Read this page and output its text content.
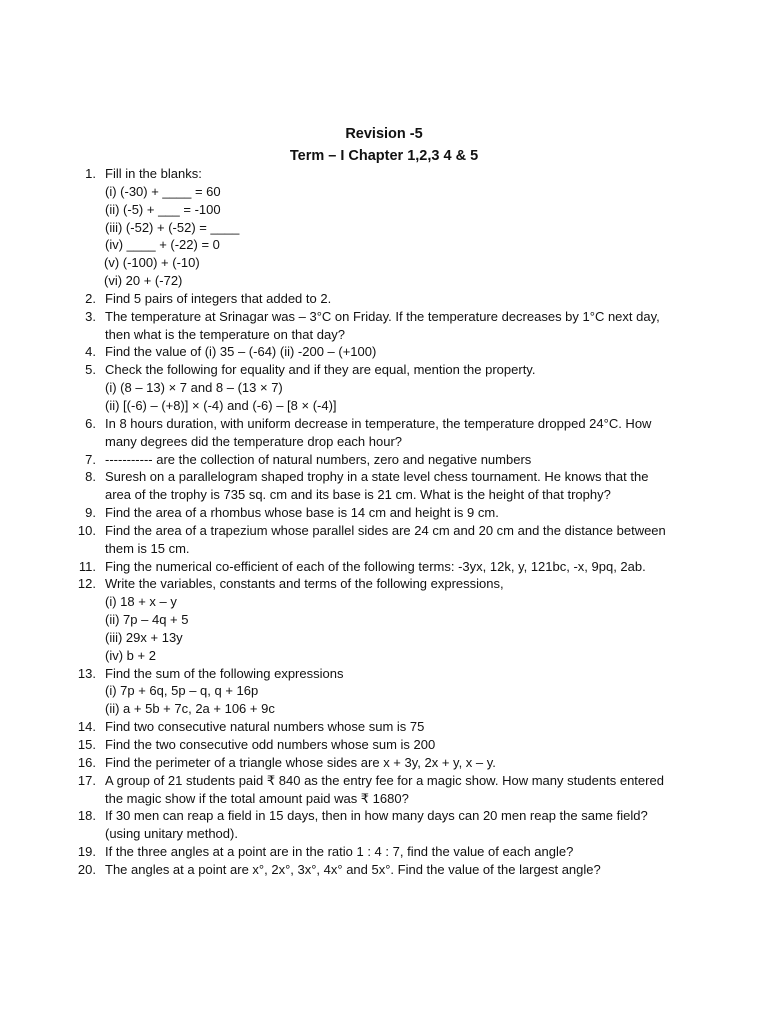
Revision -5
Term – I Chapter 1,2,3 4 & 5
1. Fill in the blanks:
(i) (-30) + ____ = 60
(ii) (-5) + ___ = -100
(iii) (-52) + (-52) = ____
(iv) ____ + (-22) = 0
(v) (-100) + (-10)
(vi) 20 + (-72)
2. Find 5 pairs of integers that added to 2.
3. The temperature at Srinagar was – 3°C on Friday. If the temperature decreases by 1°C next day,
then what is the temperature on that day?
4. Find the value of (i) 35 – (-64) (ii) -200 – (+100)
5. Check the following for equality and if they are equal, mention the property.
(i) (8 – 13) × 7 and 8 – (13 × 7)
(ii) [(-6) – (+8)] × (-4) and (-6) – [8 × (-4)]
6. In 8 hours duration, with uniform decrease in temperature, the temperature dropped 24°C. How
many degrees did the temperature drop each hour?
7. ----------- are the collection of natural numbers, zero and negative numbers
8. Suresh on a parallelogram shaped trophy in a state level chess tournament. He knows that the
area of the trophy is 735 sq. cm and its base is 21 cm. What is the height of that trophy?
9. Find the area of a rhombus whose base is 14 cm and height is 9 cm.
10. Find the area of a trapezium whose parallel sides are 24 cm and 20 cm and the distance between
them is 15 cm.
11. Fing the numerical co-efficient of each of the following terms: -3yx, 12k, y, 121bc, -x, 9pq, 2ab.
12. Write the variables, constants and terms of the following expressions,
(i) 18 + x – y
(ii) 7p – 4q + 5
(iii) 29x + 13y
(iv) b + 2
13. Find the sum of the following expressions
(i) 7p + 6q, 5p – q, q + 16p
(ii) a + 5b + 7c, 2a + 106 + 9c
14. Find two consecutive natural numbers whose sum is 75
15. Find the two consecutive odd numbers whose sum is 200
16. Find the perimeter of a triangle whose sides are x + 3y, 2x + y, x – y.
17. A group of 21 students paid ₹ 840 as the entry fee for a magic show. How many students entered
the magic show if the total amount paid was ₹ 1680?
18. If 30 men can reap a field in 15 days, then in how many days can 20 men reap the same field?
(using unitary method).
19. If the three angles at a point are in the ratio 1 : 4 : 7, find the value of each angle?
20. The angles at a point are x°, 2x°, 3x°, 4x° and 5x°. Find the value of the largest angle?
